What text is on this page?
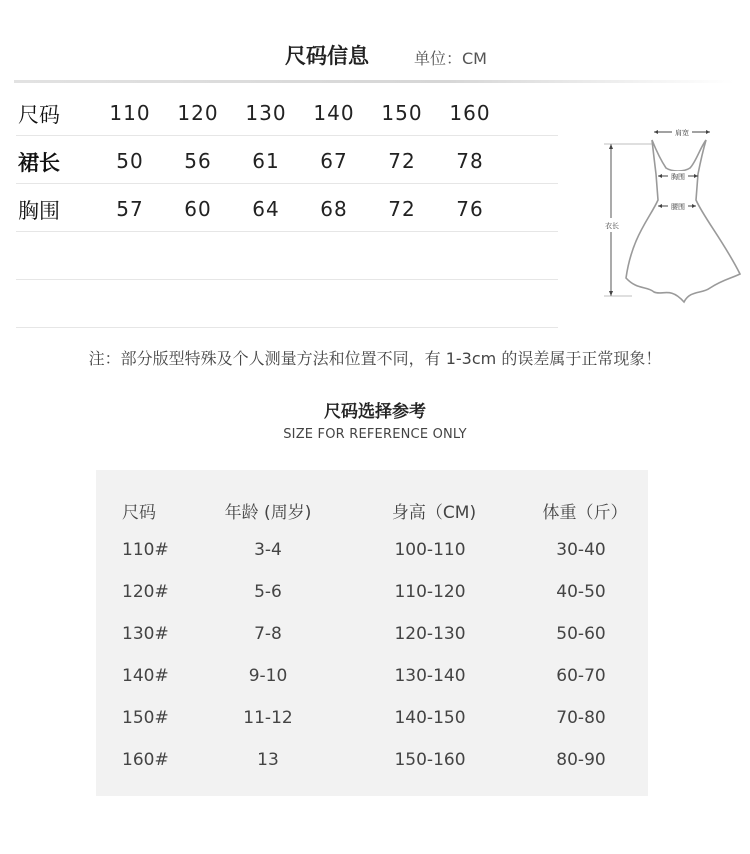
尺码信息	单位：CM
尺码	110	120	130	140	150	160
裙长	50	56	61	67	72	78
胸围	57	60	64	68	72	76
肩宽
胸围
腰围
衣长
注：部分版型特殊及个人测量方法和位置不同，有 1-3cm 的误差属于正常现象！
尺码选择参考
SIZE FOR REFERENCE ONLY
尺码	年龄 (周岁)	身高（CM)	体重（斤）
110#	3-4	100-110	30-40
120#	5-6	110-120	40-50
130#	7-8	120-130	50-60
140#	9-10	130-140	60-70
150#	11-12	140-150	70-80
160#	13	150-160	80-90
